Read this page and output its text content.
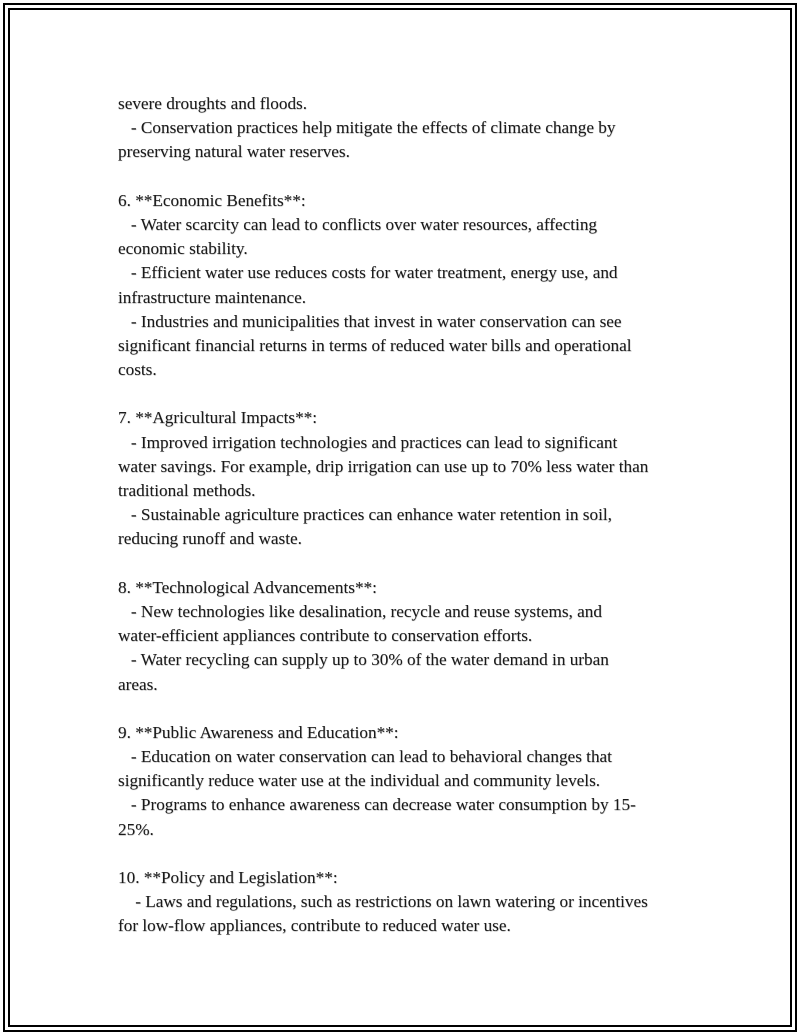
severe droughts and floods.
- Conservation practices help mitigate the effects of climate change by
preserving natural water reserves.
6. **Economic Benefits**:
- Water scarcity can lead to conflicts over water resources, affecting
economic stability.
- Efficient water use reduces costs for water treatment, energy use, and
infrastructure maintenance.
- Industries and municipalities that invest in water conservation can see
significant financial returns in terms of reduced water bills and operational
costs.
7. **Agricultural Impacts**:
- Improved irrigation technologies and practices can lead to significant
water savings. For example, drip irrigation can use up to 70% less water than
traditional methods.
- Sustainable agriculture practices can enhance water retention in soil,
reducing runoff and waste.
8. **Technological Advancements**:
- New technologies like desalination, recycle and reuse systems, and
water-efficient appliances contribute to conservation efforts.
- Water recycling can supply up to 30% of the water demand in urban
areas.
9. **Public Awareness and Education**:
- Education on water conservation can lead to behavioral changes that
significantly reduce water use at the individual and community levels.
- Programs to enhance awareness can decrease water consumption by 15-
25%.
10. **Policy and Legislation**:
- Laws and regulations, such as restrictions on lawn watering or incentives
for low-flow appliances, contribute to reduced water use.
